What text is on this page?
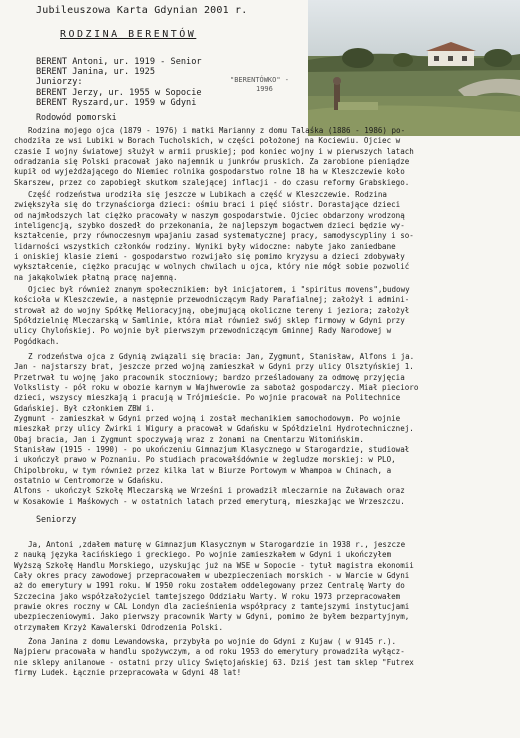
Jubileuszowa Karta Gdynian 2001 r.
RODZINA BERENTÓW
BERENT Antoni, ur. 1919 - Senior
BERENT Janina, ur. 1925
Juniorzy:
BERENT Jerzy, ur. 1955 w Sopocie
BERENT Ryszard,ur. 1959 w Gdyni
"BERENTÓWKO" -
1996
Rodowód pomorski
Rodzina mojego ojca (1879 - 1976) i matki Marianny z domu Talaśka (1886 - 1986) po-
chodziła ze wsi Lubiki w Borach Tucholskich, w części położonej na Kociewiu. Ojciec w
czasie I wojny światowej służył w armii pruskiej; pod koniec wojny i w pierwszych latach
odradzania się Polski pracował jako najemnik u junkrów pruskich. Za zarobione pieniądze
kupił od wyjeżdżającego do Niemiec rolnika gospodarstwo rolne 18 ha w Kleszczewie koło
Skarszew, przez co zapobiegł skutkom szalejącej inflacji - do czasu reformy Grabskiego.
Część rodzeństwa urodziła się jeszcze w Lubikach a część w Kleszczewie. Rodzina
zwiększyła się do trzynaściorga dzieci: ośmiu braci i pięć sióstr. Dorastające dzieci
od najmłodszych lat ciężko pracowały w naszym gospodarstwie. Ojciec obdarzony wrodzoną
inteligencją, szybko doszedł do przekonania, że najlepszym bogactwem dzieci będzie wy-
kształcenie, przy równoczesnym wpajaniu zasad systematycznej pracy, samodyscypliny i so-
lidarności wszystkich członków rodziny. Wyniki były widoczne: nabyte jako zaniedbane
i oniskiej klasie ziemi - gospodarstwo rozwijało się pomimo kryzysu a dzieci zdobywały
wykształcenie, ciężko pracując w wolnych chwilach u ojca, który nie mógł sobie pozwolić
na jakąkolwiek płatną pracę najemną.
Ojciec był również znanym społecznikiem: był inicjatorem, i "spiritus movens",budowy
kościoła w Kleszczewie, a następnie przewodniczącym Rady Parafialnej; założył i admini-
strował aż do wojny Spółkę Melioracyjną, obejmującą okoliczne tereny i jeziora; założył
Spółdzielnię Mleczarską w Samlinie, która miał również swój sklep firmowy w Gdyni przy
ulicy Chylońskiej. Po wojnie był pierwszym przewodniczącym Gminnej Rady Narodowej w
Pogódkach.
Z rodzeństwa ojca z Gdynią związali się bracia: Jan, Zygmunt, Stanisław, Alfons i ja.
Jan - najstarszy brat, jeszcze przed wojną zamieszkał w Gdyni przy ulicy Olsztyńskiej 1.
Przetrwał tu wojnę jako pracownik stoczniowy; bardzo prześladowany za odmowę przyjęcia
Volkslisty - pół roku w obozie karnym w Wajhwerowie za sabotaż gospodarczy. Miał piecioro
dzieci, wszyscy mieszkają i pracują w Trójmieście. Po wojnie pracował na Politechnice
Gdańskiej. Był członkiem ZBW i.
Zygmunt - zamieszkał w Gdyni przed wojną i został mechanikiem samochodowym. Po wojnie
mieszkał przy ulicy Żwirki i Wigury a pracował w Gdańsku w Spółdzielni Hydrotechnicznej.
Obaj bracia, Jan i Zygmunt spoczywają wraz z żonami na Cmentarzu Witomińskim.
Stanisław (1915 - 1990) - po ukończeniu Gimnazjum Klasycznego w Starogardzie, studiował
i ukończył prawo w Poznaniu. Po studiach pracowałśdównie w żegludze morskiej: w PLO,
Chipolbroku, w tym również przez kilka lat w Biurze Portowym w Whampoa w Chinach, a
ostatnio w Centromorze w Gdańsku.
Alfons - ukończył Szkołę Mleczarską we Wrześni i prowadził mleczarnie na Żuławach oraz
w Kosakowie i Maśkowych - w ostatnich latach przed emeryturą, mieszkając we Wrzeszczu.
Seniorzy
Ja, Antoni ,zdałem maturę w Gimnazjum Klasycznym w Starogardzie in 1938 r., jeszcze
z nauką języka łacińskiego i greckiego. Po wojnie zamieszkałem w Gdyni i ukończyłem
Wyższą Szkołę Handlu Morskiego, uzyskując już na WSE w Sopocie - tytuł magistra ekonomii
Cały okres pracy zawodowej przepracowałem w ubezpieczeniach morskich - w Warcie w Gdyni
aż do emerytury w 1991 roku. W 1950 roku zostałem oddelegowany przez Centralę Warty do
Szczecina jako współzałożyciel tamtejszego Oddziału Warty. W roku 1973 przepracowałem
prawie okres roczny w CAL Londyn dla zacieśnienia współpracy z tamtejszymi instytucjami
ubezpieczeniowymi. Jako pierwszy pracownik Warty w Gdyni, pomimo że byłem bezpartyjnym,
otrzymałem Krzyż Kawalerski Odrodzenia Polski.
Żona Janina z domu Lewandowska, przybyła po wojnie do Gdyni z Kujaw ( w 9145 r.).
Najpierw pracowała w handlu spożywczym, a od roku 1953 do emerytury prowadziła wyłącz-
nie sklepy anilanowe - ostatni przy ulicy Świętojańskiej 63. Dziś jest tam sklep "Futrex
firmy Ludek. Łącznie przepracowała w Gdyni 48 lat!
